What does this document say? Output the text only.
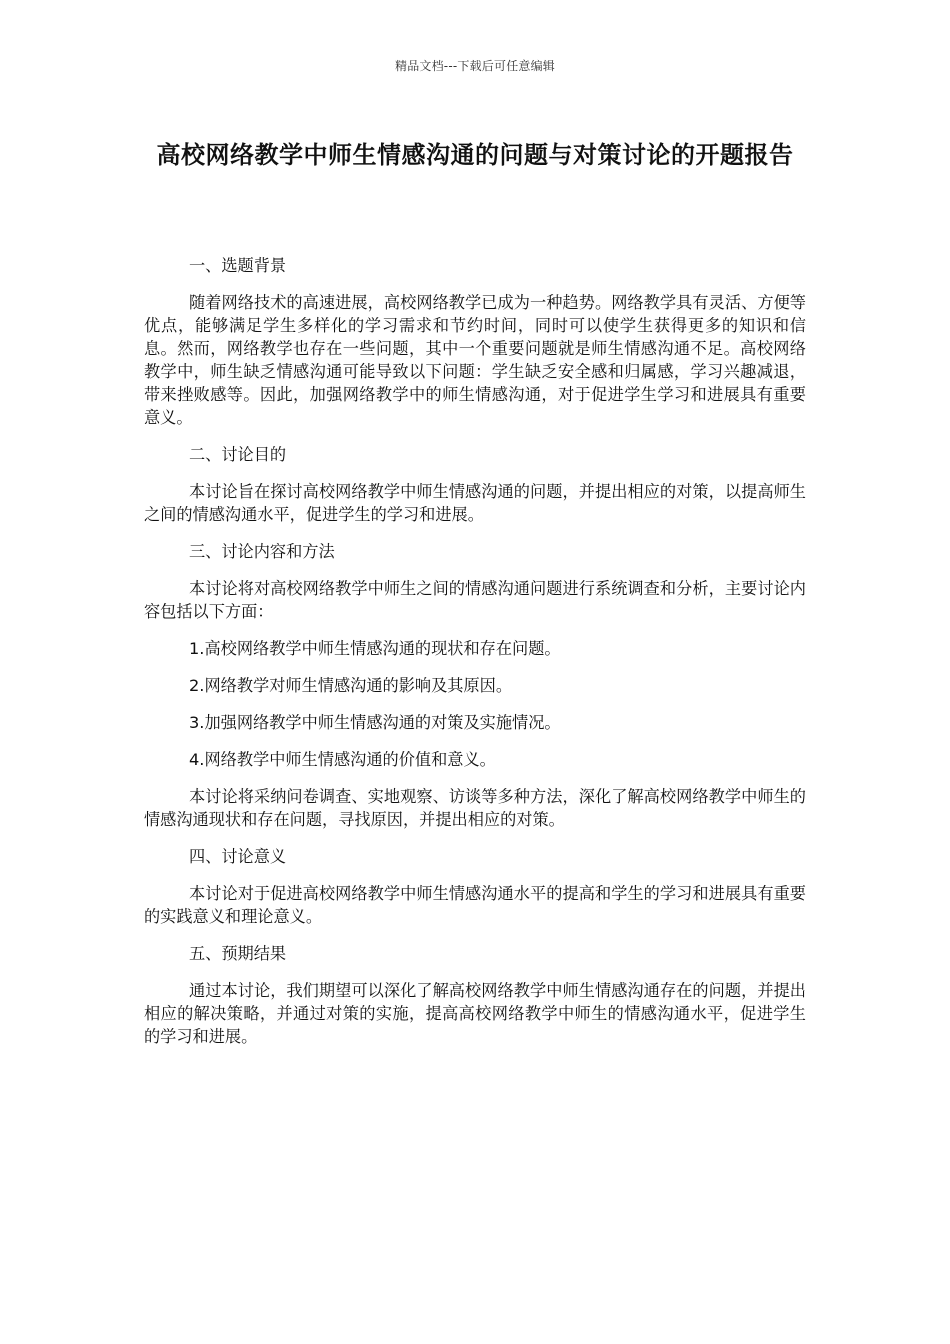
精品文档---下载后可任意编辑
高校网络教学中师生情感沟通的问题与对策讨论的开题报告

一、选题背景

随着网络技术的高速进展，高校网络教学已成为一种趋势。网络教学具有灵活、方便等优点，能够满足学生多样化的学习需求和节约时间，同时可以使学生获得更多的知识和信息。然而，网络教学也存在一些问题，其中一个重要问题就是师生情感沟通不足。高校网络教学中，师生缺乏情感沟通可能导致以下问题：学生缺乏安全感和归属感，学习兴趣减退，带来挫败感等。因此，加强网络教学中的师生情感沟通，对于促进学生学习和进展具有重要意义。

二、讨论目的

本讨论旨在探讨高校网络教学中师生情感沟通的问题，并提出相应的对策，以提高师生之间的情感沟通水平，促进学生的学习和进展。

三、讨论内容和方法

本讨论将对高校网络教学中师生之间的情感沟通问题进行系统调查和分析，主要讨论内容包括以下方面：

1.高校网络教学中师生情感沟通的现状和存在问题。

2.网络教学对师生情感沟通的影响及其原因。

3.加强网络教学中师生情感沟通的对策及实施情况。

4.网络教学中师生情感沟通的价值和意义。

本讨论将采纳问卷调查、实地观察、访谈等多种方法，深化了解高校网络教学中师生的情感沟通现状和存在问题，寻找原因，并提出相应的对策。

四、讨论意义

本讨论对于促进高校网络教学中师生情感沟通水平的提高和学生的学习和进展具有重要的实践意义和理论意义。

五、预期结果

通过本讨论，我们期望可以深化了解高校网络教学中师生情感沟通存在的问题，并提出相应的解决策略，并通过对策的实施，提高高校网络教学中师生的情感沟通水平，促进学生的学习和进展。
